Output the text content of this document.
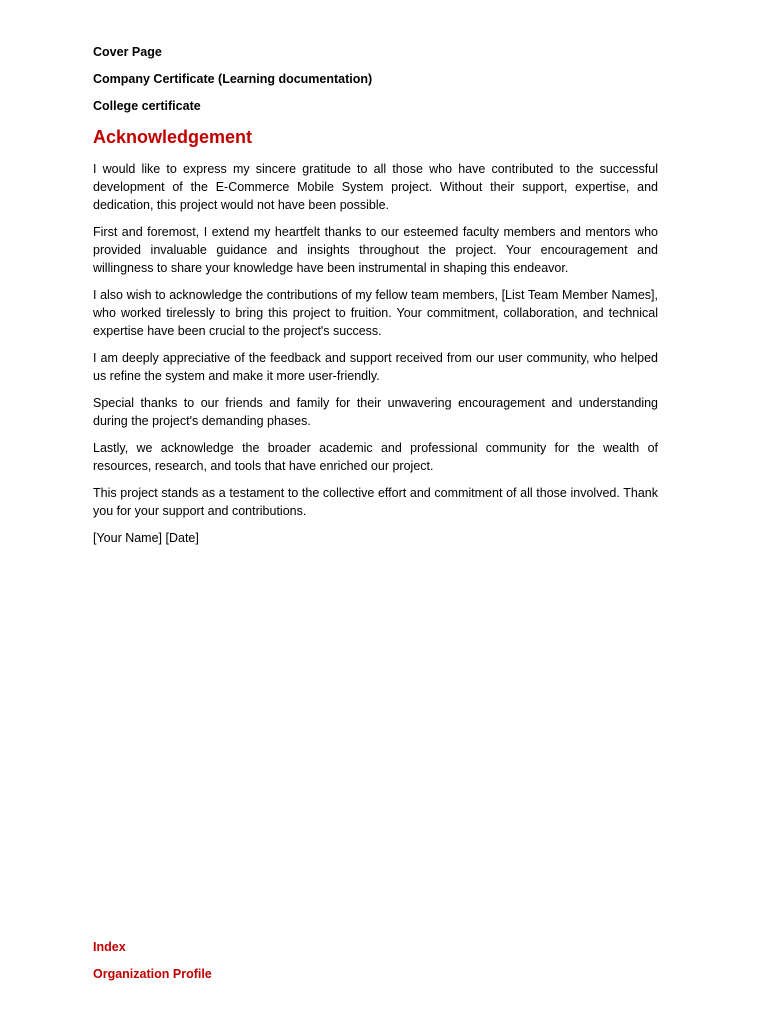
Cover Page
Company Certificate (Learning documentation)
College certificate
Acknowledgement

I would like to express my sincere gratitude to all those who have contributed to the successful development of the E-Commerce Mobile System project. Without their support, expertise, and dedication, this project would not have been possible.

First and foremost, I extend my heartfelt thanks to our esteemed faculty members and mentors who provided invaluable guidance and insights throughout the project. Your encouragement and willingness to share your knowledge have been instrumental in shaping this endeavor.

I also wish to acknowledge the contributions of my fellow team members, [List Team Member Names], who worked tirelessly to bring this project to fruition. Your commitment, collaboration, and technical expertise have been crucial to the project's success.

I am deeply appreciative of the feedback and support received from our user community, who helped us refine the system and make it more user-friendly.

Special thanks to our friends and family for their unwavering encouragement and understanding during the project's demanding phases.

Lastly, we acknowledge the broader academic and professional community for the wealth of resources, research, and tools that have enriched our project.

This project stands as a testament to the collective effort and commitment of all those involved. Thank you for your support and contributions.

[Your Name] [Date]

Index
Organization Profile
